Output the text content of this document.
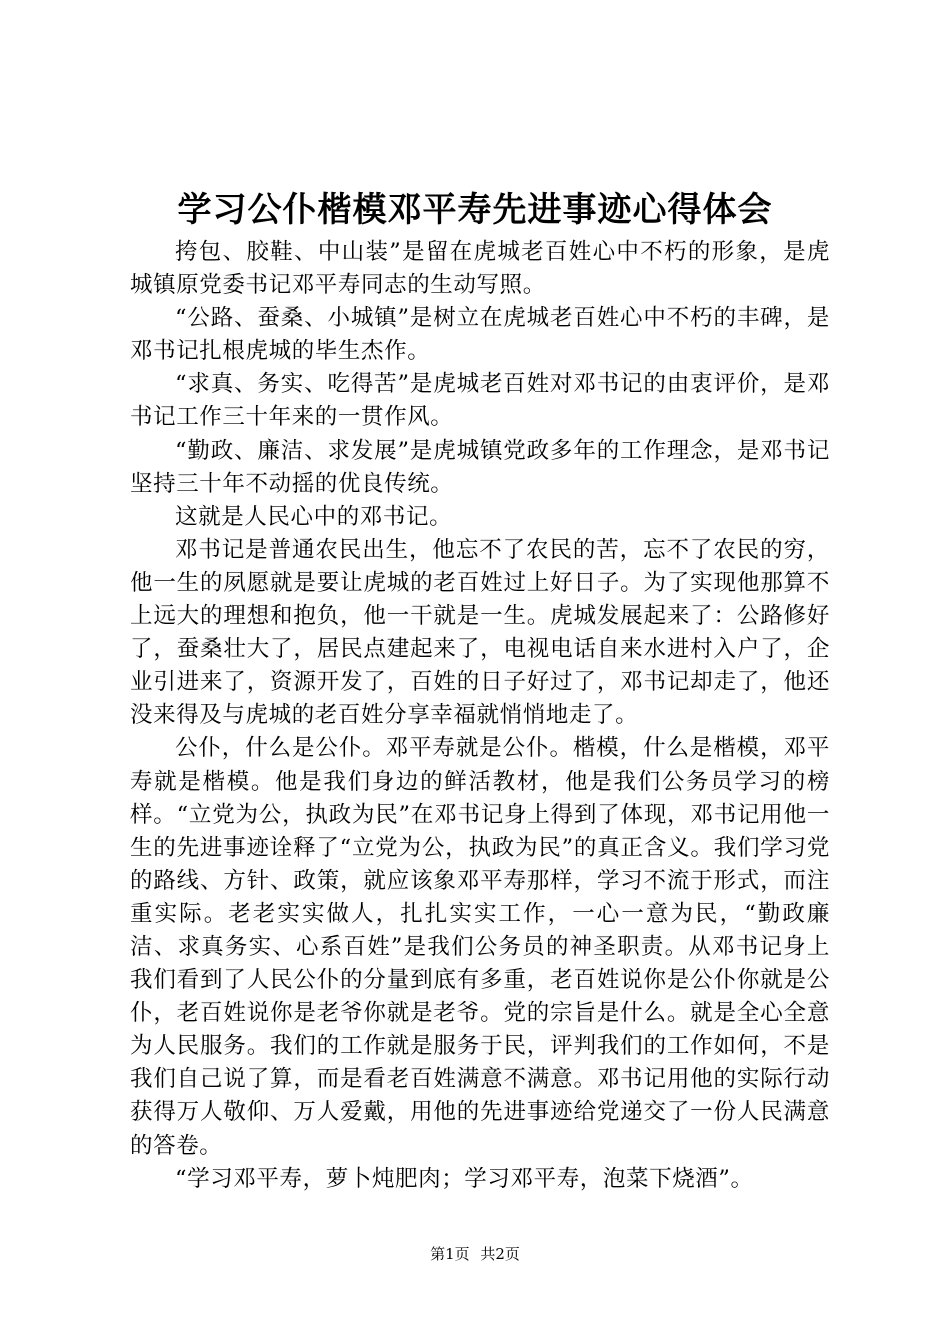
学习公仆楷模邓平寿先进事迹心得体会

挎包、胶鞋、中山装”是留在虎城老百姓心中不朽的形象，是虎城镇原党委书记邓平寿同志的生动写照。

“公路、蚕桑、小城镇”是树立在虎城老百姓心中不朽的丰碑，是邓书记扎根虎城的毕生杰作。

“求真、务实、吃得苦”是虎城老百姓对邓书记的由衷评价，是邓书记工作三十年来的一贯作风。

“勤政、廉洁、求发展”是虎城镇党政多年的工作理念，是邓书记坚持三十年不动摇的优良传统。

这就是人民心中的邓书记。

邓书记是普通农民出生，他忘不了农民的苦，忘不了农民的穷，他一生的夙愿就是要让虎城的老百姓过上好日子。为了实现他那算不上远大的理想和抱负，他一干就是一生。虎城发展起来了：公路修好了，蚕桑壮大了，居民点建起来了，电视电话自来水进村入户了，企业引进来了，资源开发了，百姓的日子好过了，邓书记却走了，他还没来得及与虎城的老百姓分享幸福就悄悄地走了。

公仆，什么是公仆。邓平寿就是公仆。楷模，什么是楷模，邓平寿就是楷模。他是我们身边的鲜活教材，他是我们公务员学习的榜样。“立党为公，执政为民”在邓书记身上得到了体现，邓书记用他一生的先进事迹诠释了“立党为公，执政为民”的真正含义。我们学习党的路线、方针、政策，就应该象邓平寿那样，学习不流于形式，而注重实际。老老实实做人，扎扎实实工作，一心一意为民，“勤政廉洁、求真务实、心系百姓”是我们公务员的神圣职责。从邓书记身上我们看到了人民公仆的分量到底有多重，老百姓说你是公仆你就是公仆，老百姓说你是老爷你就是老爷。党的宗旨是什么。就是全心全意为人民服务。我们的工作就是服务于民，评判我们的工作如何，不是我们自己说了算，而是看老百姓满意不满意。邓书记用他的实际行动获得万人敬仰、万人爱戴，用他的先进事迹给党递交了一份人民满意的答卷。

“学习邓平寿，萝卜炖肥肉；学习邓平寿，泡菜下烧酒”。

第1页 共2页
